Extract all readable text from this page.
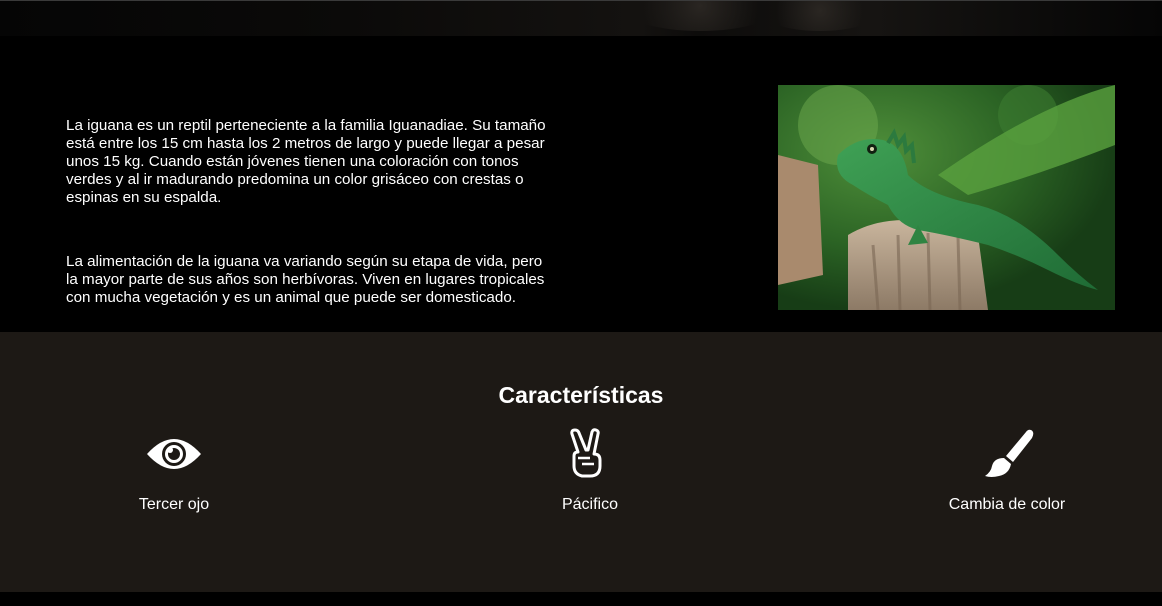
La iguana es un reptil perteneciente a la familia Iguanadiae. Su tamaño está entre los 15 cm hasta los 2 metros de largo y puede llegar a pesar unos 15 kg. Cuando están jóvenes tienen una coloración con tonos verdes y al ir madurando predomina un color grisáceo con crestas o espinas en su espalda.

La alimentación de la iguana va variando según su etapa de vida, pero la mayor parte de sus años son herbívoras. Viven en lugares tropicales con mucha vegetación y es un animal que puede ser domesticado.

Características
Tercer ojo	Pácifico	Cambia de color
